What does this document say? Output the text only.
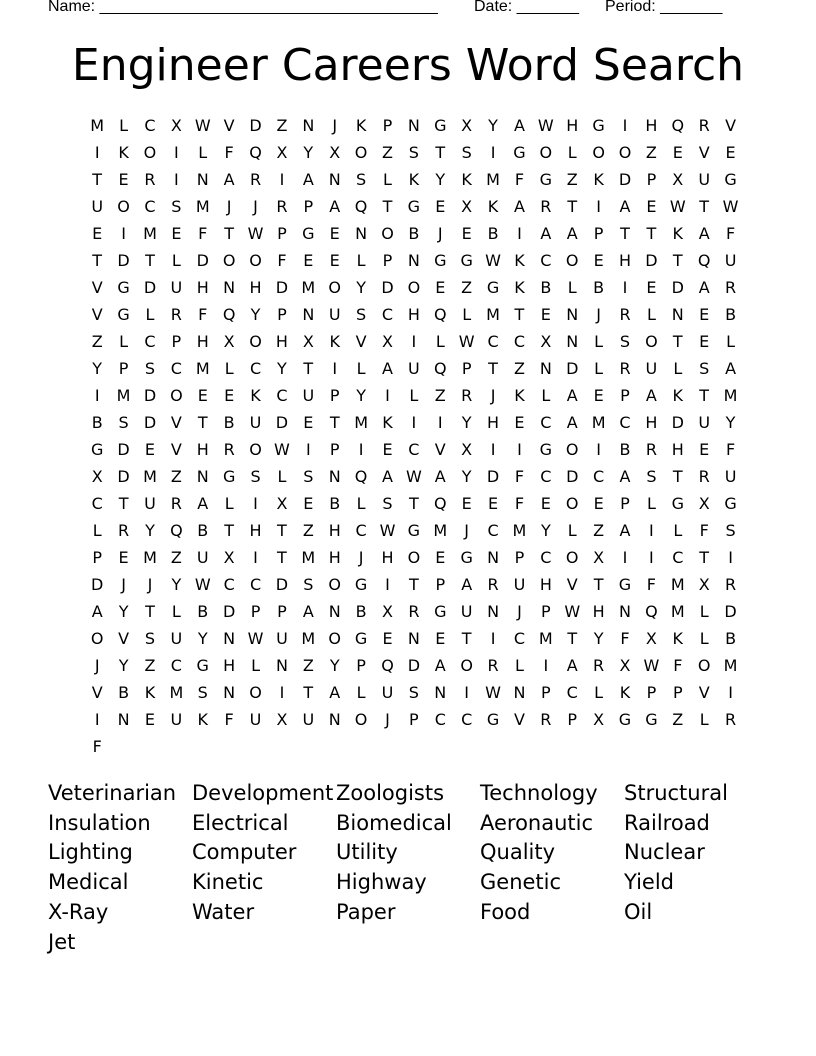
Name: ______________________________________ Date: _______ Period: _______
Engineer Careers Word Search
M L	C X W V D Z N	J	K	P N G X	Y	A W H G	I	H Q R V
I	K O	I	L	F Q X	Y	X O Z S	T	S	I	G O L O O Z E V E
T	E R	I	N A R	I	A N S	L	K	Y	K M F G Z K D P	X U G
U O C S M	J	J	R	P	A Q T G E X K A R T	I	A E W T W
E	I	M E	F	T W P G E N O B	J	E B	I	A A	P	T	T	K A	F
T D T	L D O O F	E	E	L	P N G G W K C O E H D T Q U
V G D U H N H D M O Y D O E Z G K B	L	B	I	E D A R
V G L	R	F Q Y	P N U S C H Q L M T	E N	J	R	L N E B
Z	L	C P H X O H X K V X	I	L W C C X N L	S O T	E	L
Y	P	S C M L	C Y	T	I	L	A U Q P	T	Z N D L	R U	L	S A
I	M D O E	E	K C U P	Y	I	L	Z R	J	K	L	A E	P	A K	T M
B S D V	T	B U D E	T M K	I	I	Y H E C A M C H D U Y
G D E V H R O W	I	P	I	E C V X	I	I	G O	I	B R H E	F
X D M Z N G S	L	S N Q A W A	Y D F	C D C A S	T R U
C T U R A	L	I	X E B	L	S	T Q E	E	F	E O E	P	L G X G
L	R Y Q B	T H T	Z H C W G M	J	C M Y	L	Z A	I	L	F	S
P	E M Z U X	I	T M H	J	H O E G N P C O X	I	I	C T	I
D	J	J	Y W C C D S O G	I	T	P	A R U H V	T G F M X R
A	Y	T	L	B D P	P	A N B X R G U N	J	P W H N Q M L D
O V S U Y N W U M O G E N E	T	I	C M T	Y	F	X K	L	B
J	Y	Z C G H L N Z	Y	P Q D A O R	L	I	A R X W F O M
V B K M S N O	I	T	A	L	U S N	I	W N P C	L	K	P	P	V	I
I	N E U K	F U X U N O	J	P C C G V R	P	X G G Z	L	R
F
Veterinarian Development Zoologists	Technology	Structural
Insulation	Electrical	Biomedical	Aeronautic	Railroad
Lighting	Computer	Utility	Quality	Nuclear
Medical	Kinetic	Highway	Genetic	Yield
X-Ray	Water	Paper	Food	Oil
Jet
